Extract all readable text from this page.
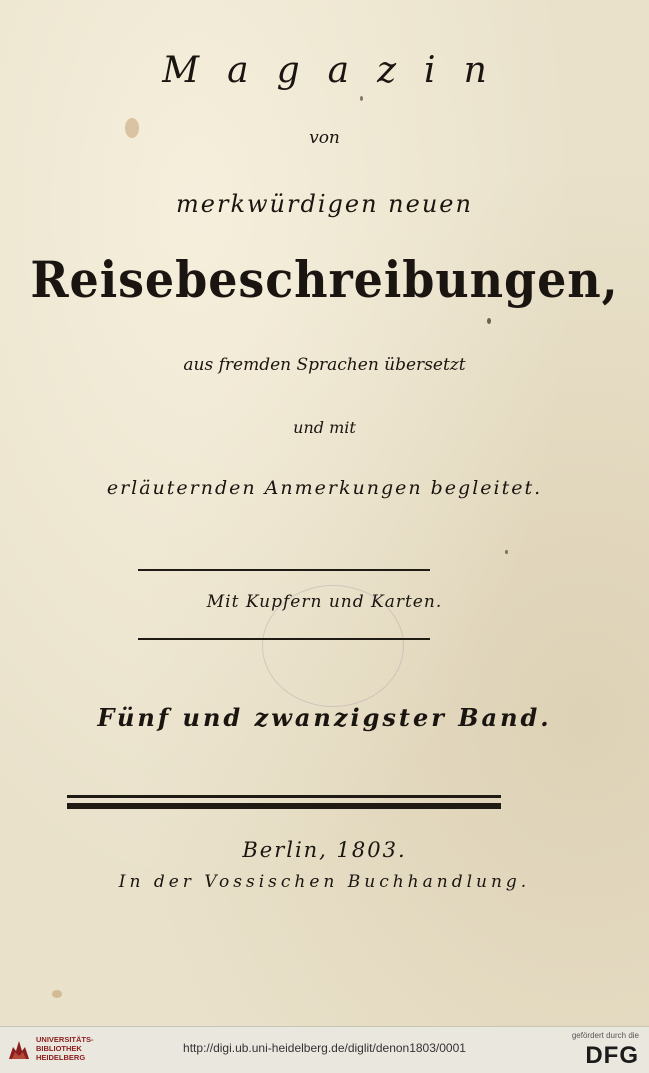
Magazin
von
merkwürdigen neuen
Reisebeschreibungen,
aus fremden Sprachen übersetzt
und mit
erläuternden Anmerkungen begleitet.
Mit Kupfern und Karten.
Fünf und zwanzigster Band.
Berlin, 1803.
In der Vossischen Buchhandlung.
UNIVERSITÄTS-
BIBLIOTHEK
HEIDELBERG
http://digi.ub.uni-heidelberg.de/diglit/denon1803/0001
gefördert durch die
DFG
